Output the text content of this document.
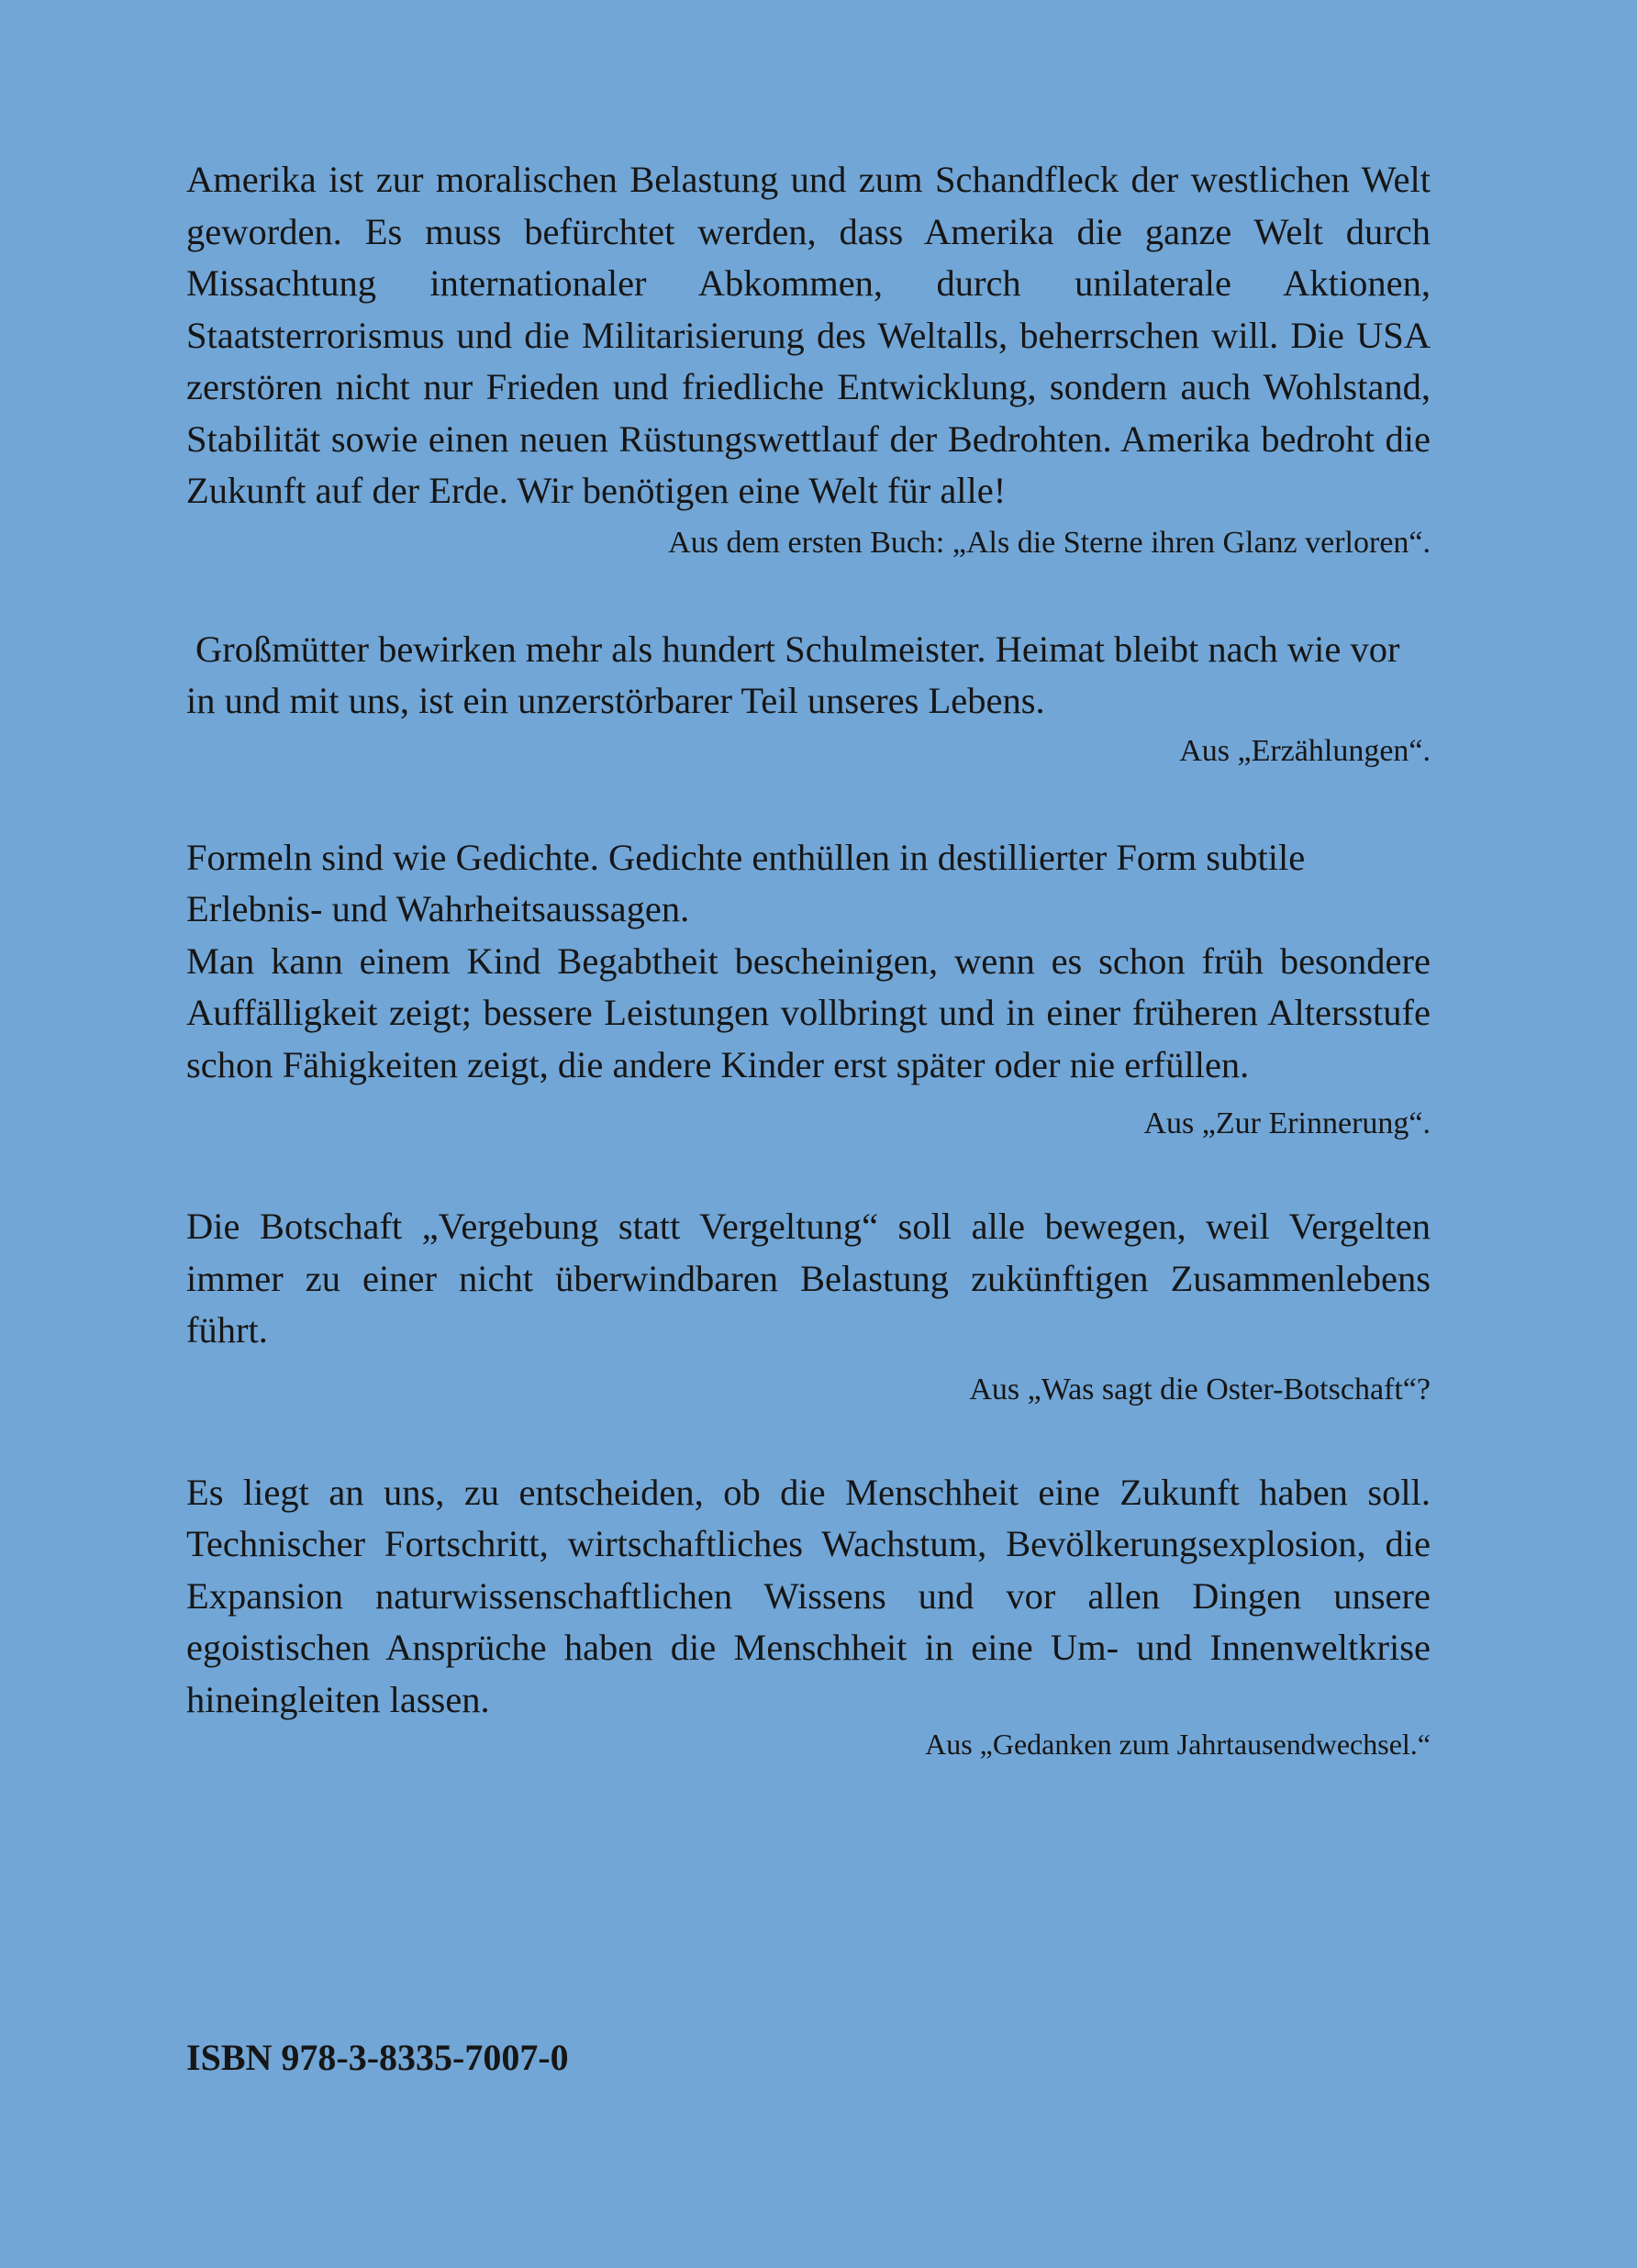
Amerika ist zur moralischen Belastung und zum Schandfleck der westlichen Welt geworden. Es muss befürchtet werden, dass Amerika die ganze Welt durch Missachtung internationaler Abkommen, durch unilaterale Aktionen, Staatsterrorismus und die Militarisierung des Weltalls, beherrschen will. Die USA zerstören nicht nur Frieden und friedliche Entwicklung, sondern auch Wohlstand, Stabilität sowie einen neuen Rüstungswettlauf der Bedrohten. Amerika bedroht die Zukunft auf der Erde. Wir benötigen eine Welt für alle!

Aus dem ersten Buch: „Als die Sterne ihren Glanz verloren“.

Großmütter bewirken mehr als hundert Schulmeister. Heimat bleibt nach wie vor in und mit uns, ist ein unzerstörbarer Teil unseres Lebens.

Aus „Erzählungen“.

Formeln sind wie Gedichte. Gedichte enthüllen in destillierter Form subtile Erlebnis- und Wahrheitsaussagen.

Man kann einem Kind Begabtheit bescheinigen, wenn es schon früh besondere Auffälligkeit zeigt; bessere Leistungen vollbringt und in einer früheren Altersstufe schon Fähigkeiten zeigt, die andere Kinder erst später oder nie erfüllen.

Aus „Zur Erinnerung“.

Die Botschaft „Vergebung statt Vergeltung“ soll alle bewegen, weil Vergelten immer zu einer nicht überwindbaren Belastung zukünftigen Zusammenlebens führt.

Aus „Was sagt die Oster-Botschaft“?

Es liegt an uns, zu entscheiden, ob die Menschheit eine Zukunft haben soll. Technischer Fortschritt, wirtschaftliches Wachstum, Bevölkerungsexplosion, die Expansion naturwissenschaftlichen Wissens und vor allen Dingen unsere egoistischen Ansprüche haben die Menschheit in eine Um- und Innenweltkrise hineingleiten lassen.

Aus „Gedanken zum Jahrtausendwechsel.“

ISBN 978-3-8335-7007-0
